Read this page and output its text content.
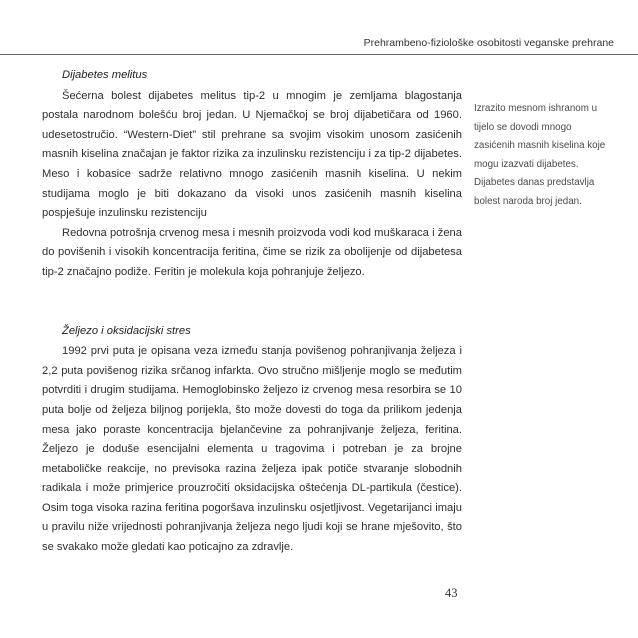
Prehrambeno-fiziološke osobitosti veganske prehrane
Dijabetes melitus

Šećerna bolest dijabetes melitus tip-2 u mnogim je zemljama blagostanja postala narodnom bolešću broj jedan. U Njemačkoj se broj dijabetičara od 1960. udesetostručio. “Western-Diet” stil prehrane sa svojim visokim unosom zasićenih masnih kiselina značajan je faktor rizika za inzulinsku rezistenciju i za tip-2 dijabetes. Meso i kobasice sadrže relativno mnogo zasićenih masnih kiselina. U nekim studijama moglo je biti dokazano da visoki unos zasićenih masnih kiselina pospješuje inzulinsku rezistenciju

Redovna potrošnja crvenog mesa i mesnih proizvoda vodi kod muškaraca i žena do povišenih i visokih koncentracija feritina, čime se rizik za obolijenje od dijabetesa tip-2 značajno podiže. Feritin je molekula koja pohranjuje željezo.

Željezo i oksidacijski stres

1992 prvi puta je opisana veza između stanja povišenog pohranjivanja željeza i 2,2 puta povišenog rizika srčanog infarkta. Ovo stručno mišljenje moglo se međutim potvrditi i drugim studijama. Hemoglobinsko željezo iz crvenog mesa resorbira se 10 puta bolje od željeza biljnog porijekla, što može dovesti do toga da prilikom jedenja mesa jako poraste koncentracija bjelančevine za pohranjivanje željeza, feritina. Željezo je doduše esencijalni elementa u tragovima i potreban je za brojne metaboličke reakcije, no previsoka razina željeza ipak potiče stvaranje slobodnih radikala i može primjerice prouzročiti oksidacijska oštećenja DL-partikula (čestice). Osim toga visoka razina feritina pogoršava inzulinsku osjetljivost. Vegetarijanci imaju u pravilu niže vrijednosti pohranjivanja željeza nego ljudi koji se hrane mješovito, što se svakako može gledati kao poticajno za zdravlje.

Izrazito mesnom ishranom u tijelo se dovodi mnogo zasićenih masnih kiselina koje mogu izazvati dijabetes. Dijabetes danas predstavlja bolest naroda broj jedan.
43
